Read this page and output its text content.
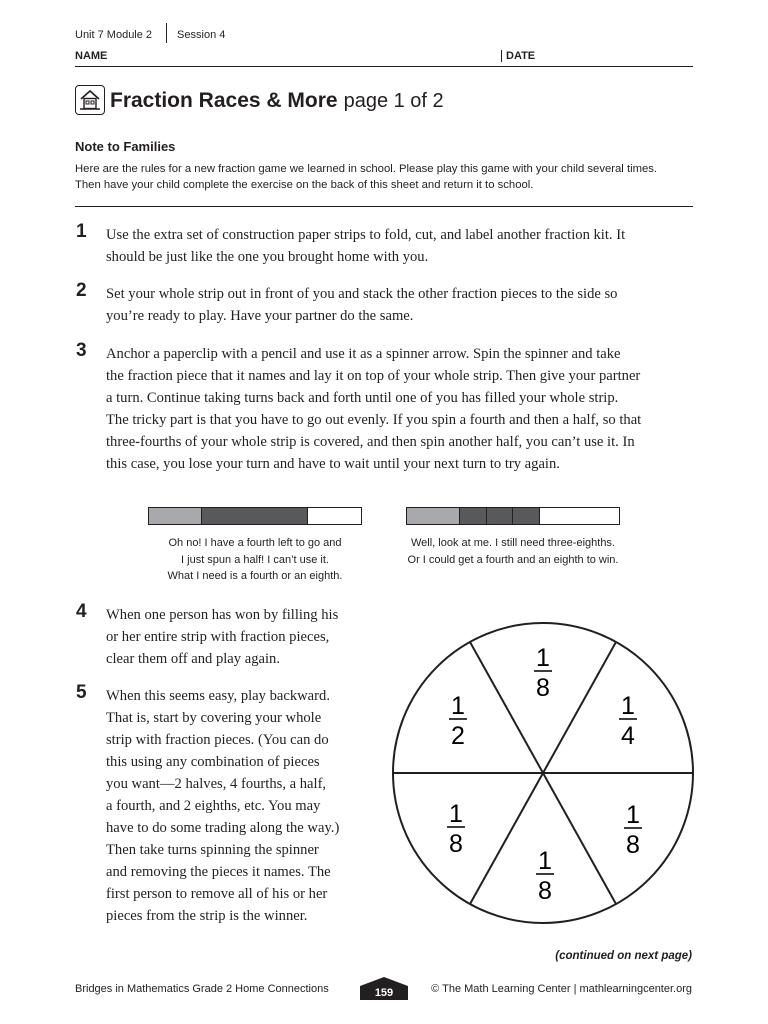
Unit 7 Module 2 Session 4
NAME	DATE
Fraction Races & More page 1 of 2
Note to Families
Here are the rules for a new fraction game we learned in school. Please play this game with your child several times.
Then have your child complete the exercise on the back of this sheet and return it to school.
1 Use the extra set of construction paper strips to fold, cut, and label another fraction kit. It
should be just like the one you brought home with you.
2 Set your whole strip out in front of you and stack the other fraction pieces to the side so
you’re ready to play. Have your partner do the same.
3 Anchor a paperclip with a pencil and use it as a spinner arrow. Spin the spinner and take
the fraction piece that it names and lay it on top of your whole strip. Then give your partner
a turn. Continue taking turns back and forth until one of you has filled your whole strip.
The tricky part is that you have to go out evenly. If you spin a fourth and then a half, so that
three-fourths of your whole strip is covered, and then spin another half, you can’t use it. In
this case, you lose your turn and have to wait until your next turn to try again.
Oh no! I have a fourth left to go and
I just spun a half! I can’t use it.
What I need is a fourth or an eighth.
Well, look at me. I still need three-eighths.
Or I could get a fourth and an eighth to win.
4 When one person has won by filling his
or her entire strip with fraction pieces,
clear them off and play again.
5 When this seems easy, play backward.
That is, start by covering your whole
strip with fraction pieces. (You can do
this using any combination of pieces
you want—2 halves, 4 fourths, a half,
a fourth, and 2 eighths, etc. You may
have to do some trading along the way.)
Then take turns spinning the spinner
and removing the pieces it names. The
first person to remove all of his or her
pieces from the strip is the winner.
1
8
1
4
1
8
1
8
1
8
1
2
(continued on next page)
Bridges in Mathematics Grade 2 Home Connections	159	© The Math Learning Center | mathlearningcenter.org
